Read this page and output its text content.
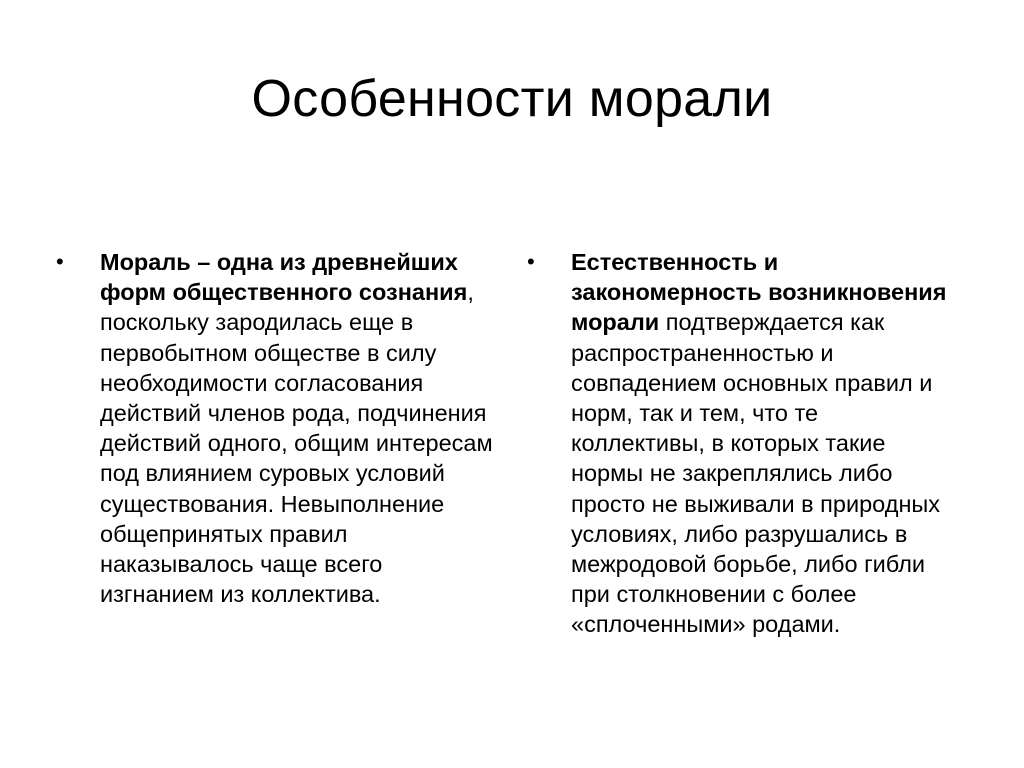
Особенности морали
•	Мораль – одна из древнейших форм общественного сознания, поскольку зародилась еще в первобытном обществе в силу необходимости согласования действий членов рода, подчинения действий одного, общим интересам под влиянием суровых условий существования. Невыполнение общепринятых правил наказывалось чаще всего изгнанием из коллектива.
•	Естественность и закономерность возникновения морали подтверждается как распространенностью и совпадением основных правил и норм, так и тем, что те коллективы, в которых такие нормы не закреплялись либо просто не выживали в природных условиях, либо разрушались в межродовой борьбе, либо гибли при столкновении с более «сплоченными» родами.
